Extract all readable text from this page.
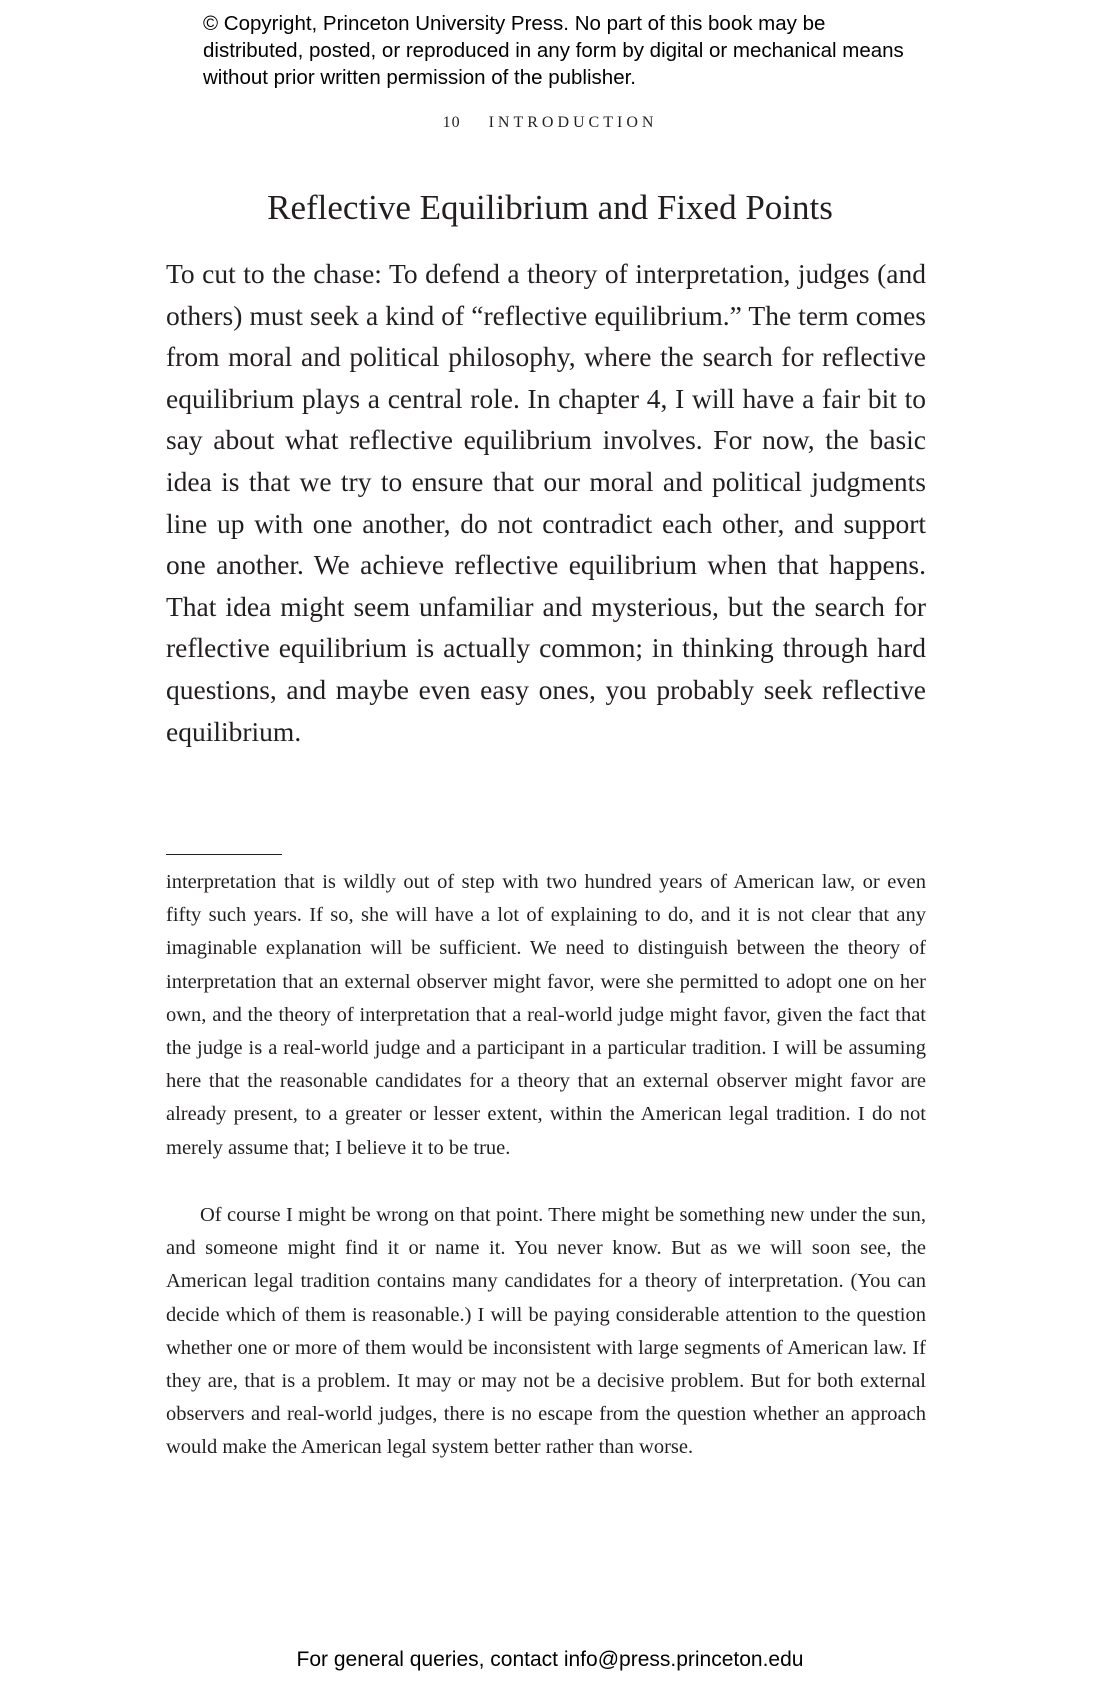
© Copyright, Princeton University Press. No part of this book may be distributed, posted, or reproduced in any form by digital or mechanical means without prior written permission of the publisher.

10 INTRODUCTION
Reflective Equilibrium and Fixed Points

To cut to the chase: To defend a theory of interpretation, judges (and others) must seek a kind of “reflective equilibrium.” The term comes from moral and political philosophy, where the search for reflective equilibrium plays a central role. In chapter 4, I will have a fair bit to say about what reflective equilibrium involves. For now, the basic idea is that we try to ensure that our moral and political judgments line up with one another, do not contradict each other, and support one another. We achieve reflective equilibrium when that happens. That idea might seem unfamiliar and mysterious, but the search for reflective equilibrium is actually common; in thinking through hard questions, and maybe even easy ones, you probably seek reflective equilibrium.

interpretation that is wildly out of step with two hundred years of American law, or even fifty such years. If so, she will have a lot of explaining to do, and it is not clear that any imaginable explanation will be sufficient. We need to distinguish between the theory of interpretation that an external observer might favor, were she permitted to adopt one on her own, and the theory of interpretation that a real-world judge might favor, given the fact that the judge is a real-world judge and a participant in a particular tradition. I will be assuming here that the reasonable candidates for a theory that an external observer might favor are already present, to a greater or lesser extent, within the American legal tradition. I do not merely assume that; I believe it to be true.

Of course I might be wrong on that point. There might be something new under the sun, and someone might find it or name it. You never know. But as we will soon see, the American legal tradition contains many candidates for a theory of interpretation. (You can decide which of them is reasonable.) I will be paying considerable attention to the question whether one or more of them would be inconsistent with large segments of American law. If they are, that is a problem. It may or may not be a decisive problem. But for both external observers and real-world judges, there is no escape from the question whether an approach would make the American legal system better rather than worse.

For general queries, contact info@press.princeton.edu
